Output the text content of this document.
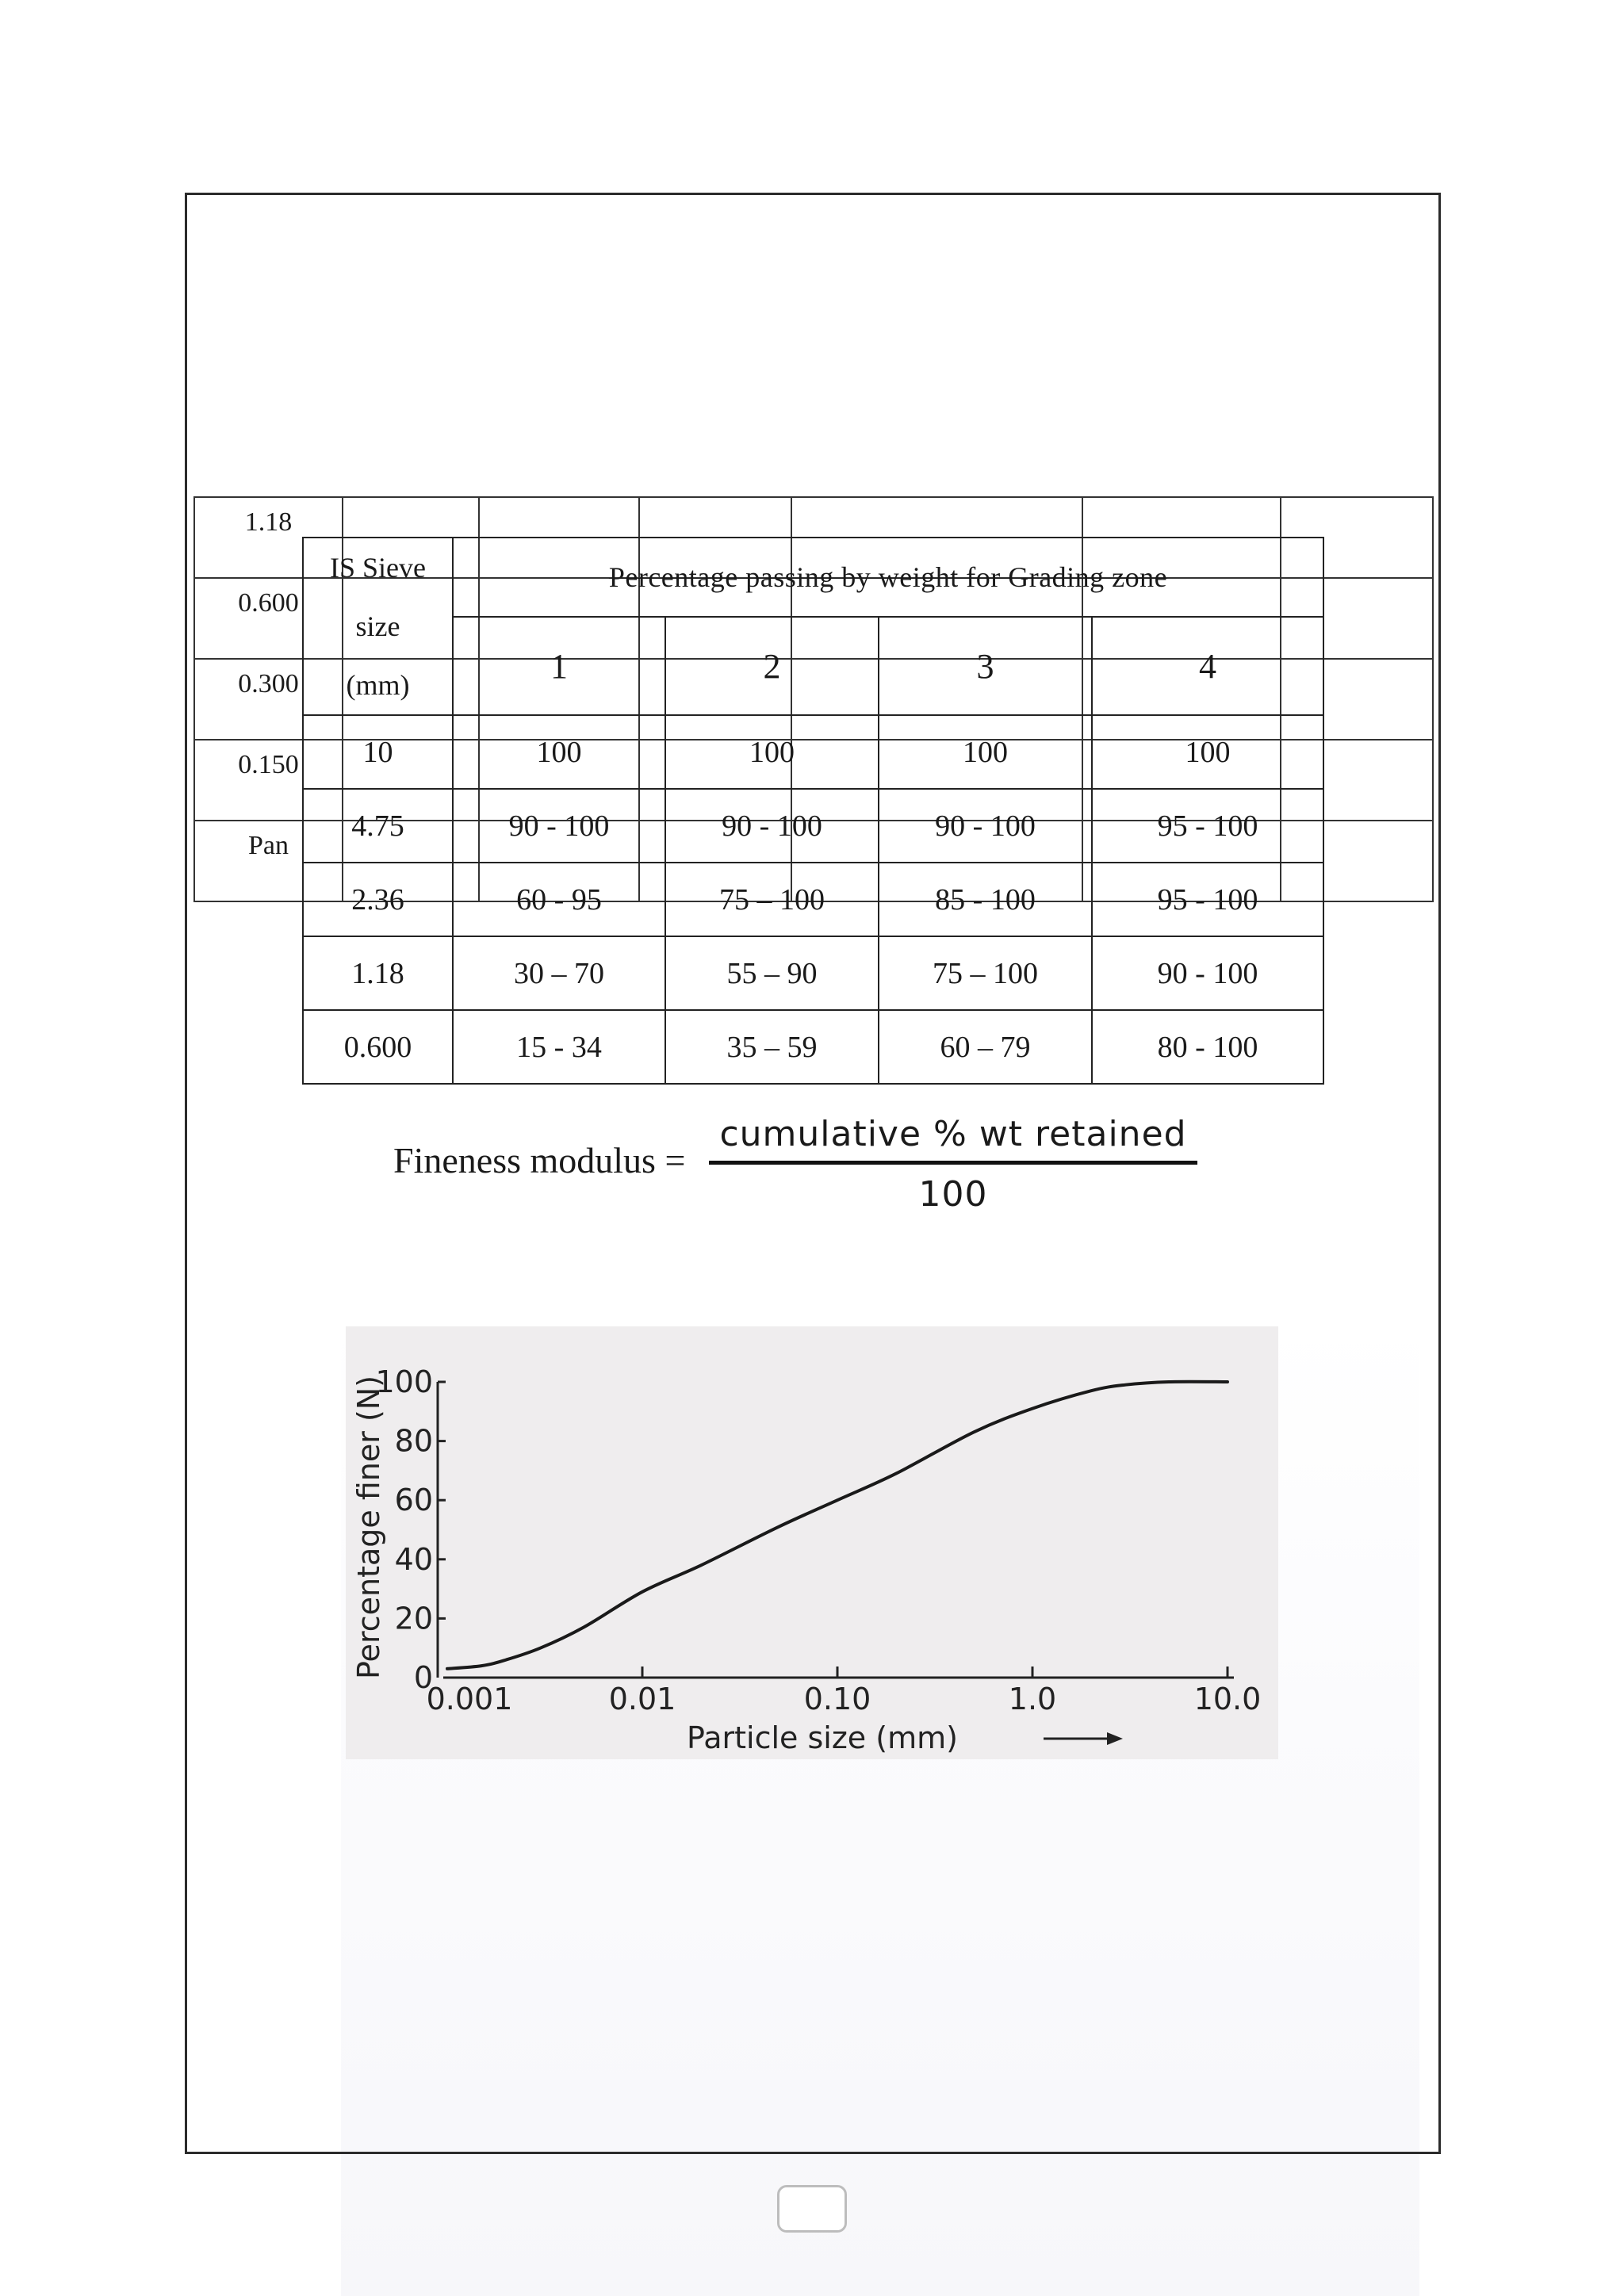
1.18						
0.600						
0.300						
0.150						
Pan						
IS Sieve
size
(mm)	Percentage passing by weight for Grading zone			
	1	2	3	4
10	100	100	100	100
4.75	90 - 100	90 - 100	90 - 100	95 - 100
2.36	60 - 95	75 – 100	85 - 100	95 - 100
1.18	30 – 70	55 – 90	75 – 100	90 - 100
0.600	15 - 34	35 – 59	60 – 79	80 - 100
Fineness modulus =
cumulative % wt retained
100
0
20
40
60
80
100
0.001	0.01	0.10	1.0	10.0
Particle size (mm)
Percentage finer (N)
